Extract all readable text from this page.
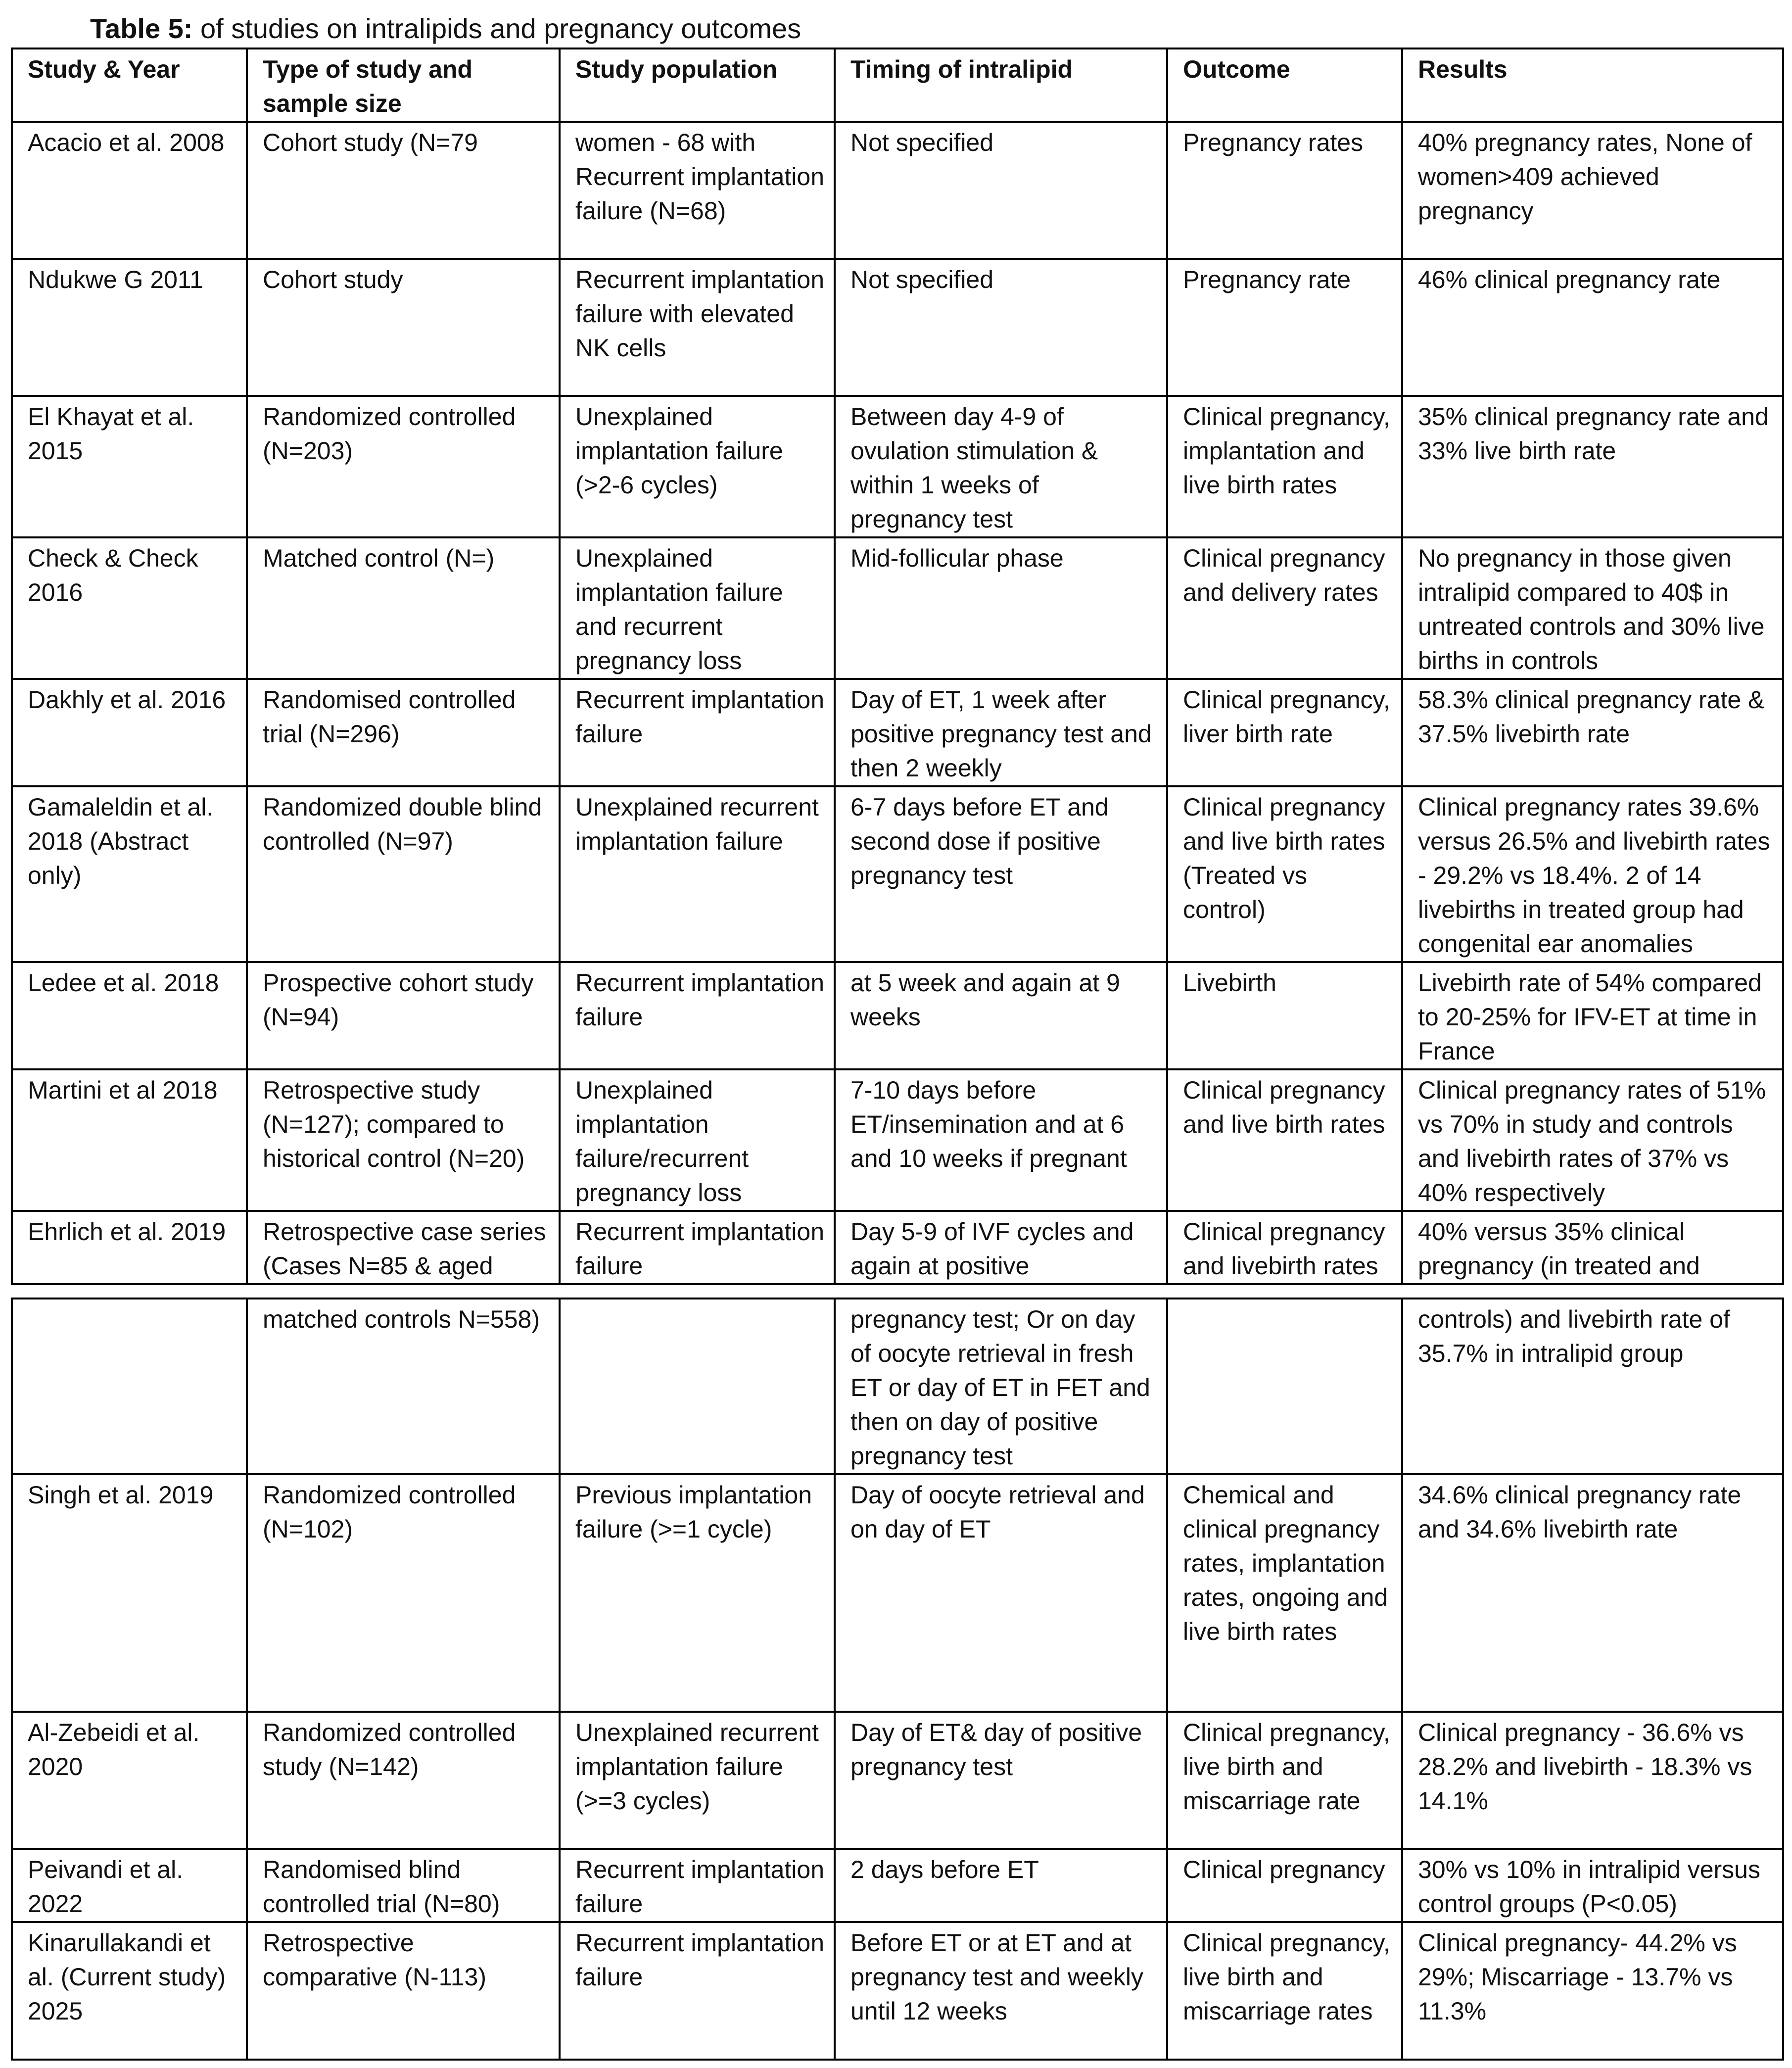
Table 5: of studies on intralipids and pregnancy outcomes
Study & Year	Type of study and sample size	Study population	Timing of intralipid	Outcome	Results
Acacio et al. 2008	Cohort study (N=79	women - 68 with Recurrent implantation failure (N=68)	Not specified	Pregnancy rates	40% pregnancy rates, None of women>409 achieved pregnancy
Ndukwe G 2011	Cohort study	Recurrent implantation failure with elevated NK cells	Not specified	Pregnancy rate	46% clinical pregnancy rate
El Khayat et al. 2015	Randomized controlled (N=203)	Unexplained implantation failure (>2-6 cycles)	Between day 4-9 of ovulation stimulation & within 1 weeks of pregnancy test	Clinical pregnancy, implantation and live birth rates	35% clinical pregnancy rate and 33% live birth rate
Check & Check 2016	Matched control (N=)	Unexplained implantation failure and recurrent pregnancy loss	Mid-follicular phase	Clinical pregnancy and delivery rates	No pregnancy in those given intralipid compared to 40$ in untreated controls and 30% live births in controls
Dakhly et al. 2016	Randomised controlled trial (N=296)	Recurrent implantation failure	Day of ET, 1 week after positive pregnancy test and then 2 weekly	Clinical pregnancy, liver birth rate	58.3% clinical pregnancy rate & 37.5% livebirth rate
Gamaleldin et al. 2018 (Abstract only)	Randomized double blind controlled (N=97)	Unexplained recurrent implantation failure	6-7 days before ET and second dose if positive pregnancy test	Clinical pregnancy and live birth rates (Treated vs control)	Clinical pregnancy rates 39.6% versus 26.5% and livebirth rates - 29.2% vs 18.4%. 2 of 14 livebirths in treated group had congenital ear anomalies
Ledee et al. 2018	Prospective cohort study (N=94)	Recurrent implantation failure	at 5 week and again at 9 weeks	Livebirth	Livebirth rate of 54% compared to 20-25% for IFV-ET at time in France
Martini et al 2018	Retrospective study (N=127); compared to historical control (N=20)	Unexplained implantation failure/recurrent pregnancy loss	7-10 days before ET/insemination and at 6 and 10 weeks if pregnant	Clinical pregnancy and live birth rates	Clinical pregnancy rates of 51% vs 70% in study and controls and livebirth rates of 37% vs 40% respectively
Ehrlich et al. 2019	Retrospective case series (Cases N=85 & aged	Recurrent implantation failure	Day 5-9 of IVF cycles and again at positive	Clinical pregnancy and livebirth rates	40% versus 35% clinical pregnancy (in treated and
	matched controls N=558)		pregnancy test; Or on day of oocyte retrieval in fresh ET or day of ET in FET and then on day of positive pregnancy test		controls) and livebirth rate of 35.7% in intralipid group
Singh et al. 2019	Randomized controlled (N=102)	Previous implantation failure (>=1 cycle)	Day of oocyte retrieval and on day of ET	Chemical and clinical pregnancy rates, implantation rates, ongoing and live birth rates	34.6% clinical pregnancy rate and 34.6% livebirth rate
Al-Zebeidi et al. 2020	Randomized controlled study (N=142)	Unexplained recurrent implantation failure (>=3 cycles)	Day of ET& day of positive pregnancy test	Clinical pregnancy, live birth and miscarriage rate	Clinical pregnancy - 36.6% vs 28.2% and livebirth - 18.3% vs 14.1%
Peivandi et al. 2022	Randomised blind controlled trial (N=80)	Recurrent implantation failure	2 days before ET	Clinical pregnancy	30% vs 10% in intralipid versus control groups (P<0.05)
Kinarullakandi et al. (Current study) 2025	Retrospective comparative (N-113)	Recurrent implantation failure	Before ET or at ET and at pregnancy test and weekly until 12 weeks	Clinical pregnancy, live birth and miscarriage rates	Clinical pregnancy- 44.2% vs 29%; Miscarriage - 13.7% vs 11.3%
